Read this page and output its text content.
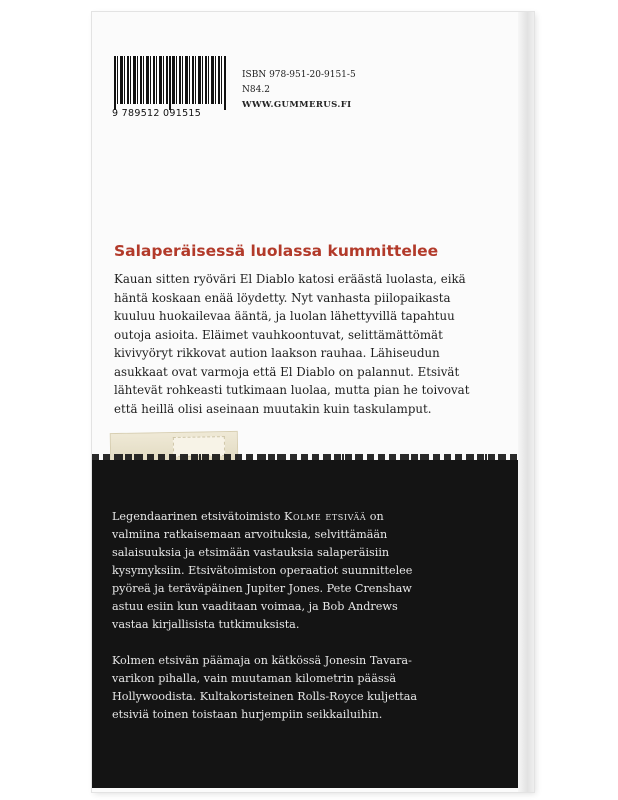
9 789512 091515
ISBN 978-951-20-9151-5
N84.2
WWW.GUMMERUS.FI
Salaperäisessä luolassa kummittelee

Kauan sitten ryöväri El Diablo katosi eräästä luolasta, eikä

häntä koskaan enää löydetty. Nyt vanhasta piilopaikasta

kuuluu huokailevaa ääntä, ja luolan lähettyvillä tapahtuu

outoja asioita. Eläimet vauhkoontuvat, selittämättömät

kivivyöryt rikkovat aution laakson rauhaa. Lähiseudun

asukkaat ovat varmoja että El Diablo on palannut. Etsivät

lähtevät rohkeasti tutkimaan luolaa, mutta pian he toivovat

että heillä olisi aseinaan muutakin kuin taskulamput.

Legendaarinen etsivätoimisto Kolme etsivää on
valmiina ratkaisemaan arvoituksia, selvittämään
salaisuuksia ja etsimään vastauksia salaperäisiin
kysymyksiin. Etsivätoimiston operaatiot suunnittelee
pyöreä ja teräväpäinen Jupiter Jones. Pete Crenshaw
astuu esiin kun vaaditaan voimaa, ja Bob Andrews
vastaa kirjallisista tutkimuksista.

Kolmen etsivän päämaja on kätkössä Jonesin Tavara-
varikon pihalla, vain muutaman kilometrin päässä
Hollywoodista. Kultakoristeinen Rolls-Royce kuljettaa
etsiviä toinen toistaan hurjempiin seikkailuihin.
